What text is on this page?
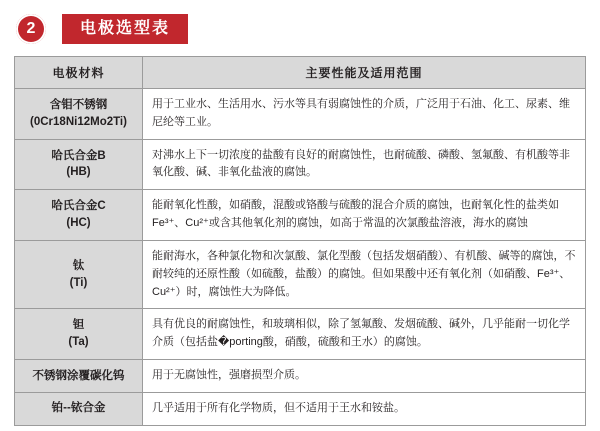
2	电极选型表
电极材料	主要性能及适用范围

含钼不锈钢
(0Cr18Ni12Mo2Ti)	用于工业水、生活用水、污水等具有弱腐蚀性的介质，广泛用于石油、化工、尿素、维尼纶等工业。

哈氏合金B
(HB)	对沸水上下一切浓度的盐酸有良好的耐腐蚀性，也耐硫酸、磷酸、氢氟酸、有机酸等非氧化酸、碱、非氧化盐液的腐蚀。

哈氏合金C
(HC)	能耐氧化性酸，如硝酸，混酸或铬酸与硫酸的混合介质的腐蚀，也耐氧化性的盐类如Fe³⁺、Cu²⁺或含其他氧化剂的腐蚀，如高于常温的次氯酸盐溶液，海水的腐蚀

钛
(Ti)	能耐海水，各种氯化物和次氯酸、氯化型酸（包括发烟硝酸）、有机酸、碱等的腐蚀，不耐较纯的还原性酸（如硫酸，盐酸）的腐蚀。但如果酸中还有氧化剂（如硝酸、Fe³⁺、Cu²⁺）时，腐蚀性大为降低。

钽
(Ta)	具有优良的耐腐蚀性，和玻璃相似，除了氢氟酸、发烟硫酸、碱外，几乎能耐一切化学介质（包括盐�porting酸，硝酸，硫酸和王水）的腐蚀。

不锈钢涂覆碳化钨	用于无腐蚀性，强磨损型介质。

铂--铱合金	几乎适用于所有化学物质，但不适用于王水和铵盐。
